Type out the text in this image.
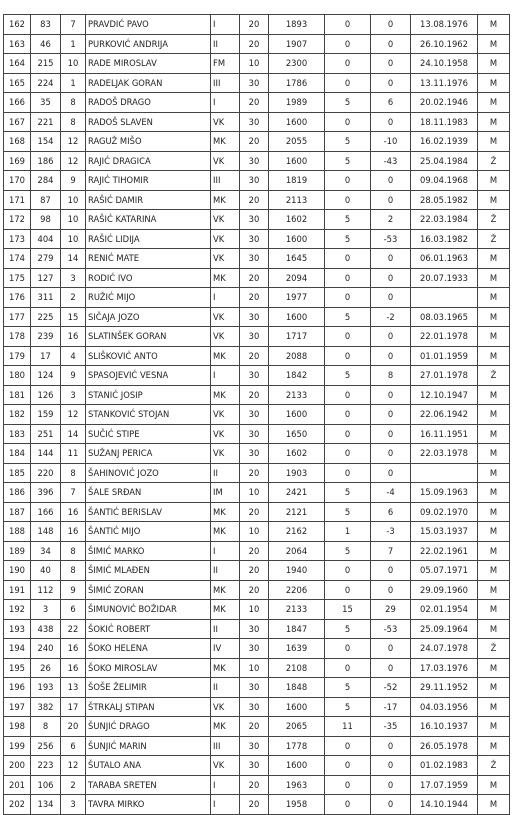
162	83	7	PRAVDIĆ PAVO	I	20	1893	0	0	13.08.1976	M
163	46	1	PURKOVIĆ ANDRIJA	II	20	1907	0	0	26.10.1962	M
164	215	10	RADE MIROSLAV	FM	10	2300	0	0	24.10.1958	M
165	224	1	RADELJAK GORAN	III	30	1786	0	0	13.11.1976	M
166	35	8	RADOŠ DRAGO	I	20	1989	5	6	20.02.1946	M
167	221	8	RADOŠ SLAVEN	VK	30	1600	0	0	18.11.1983	M
168	154	12	RAGUŽ MIŠO	MK	20	2055	5	-10	16.02.1939	M
169	186	12	RAJIĆ DRAGICA	VK	30	1600	5	-43	25.04.1984	Ž
170	284	9	RAJIĆ TIHOMIR	III	30	1819	0	0	09.04.1968	M
171	87	10	RAŠIĆ DAMIR	MK	20	2113	0	0	28.05.1982	M
172	98	10	RAŠIĆ KATARINA	VK	30	1602	5	2	22.03.1984	Ž
173	404	10	RAŠIĆ LIDIJA	VK	30	1600	5	-53	16.03.1982	Ž
174	279	14	RENIĆ MATE	VK	30	1645	0	0	06.01.1963	M
175	127	3	RODIĆ IVO	MK	20	2094	0	0	20.07.1933	M
176	311	2	RUŽIĆ MIJO	I	20	1977	0	0		M
177	225	15	SIČAJA JOZO	VK	30	1600	5	-2	08.03.1965	M
178	239	16	SLATINŠEK GORAN	VK	30	1717	0	0	22.01.1978	M
179	17	4	SLIŠKOVIĆ ANTO	MK	20	2088	0	0	01.01.1959	M
180	124	9	SPASOJEVIĆ VESNA	I	30	1842	5	8	27.01.1978	Ž
181	126	3	STANIĆ JOSIP	MK	20	2133	0	0	12.10.1947	M
182	159	12	STANKOVIĆ STOJAN	VK	30	1600	0	0	22.06.1942	M
183	251	14	SUČIĆ STIPE	VK	30	1650	0	0	16.11.1951	M
184	144	11	SUŽANJ PERICA	VK	30	1602	0	0	22.03.1978	M
185	220	8	ŠAHINOVIĆ JOZO	II	20	1903	0	0		M
186	396	7	ŠALE SRĐAN	IM	10	2421	5	-4	15.09.1963	M
187	166	16	ŠANTIĆ BERISLAV	MK	20	2121	5	6	09.02.1970	M
188	148	16	ŠANTIĆ MIJO	MK	10	2162	1	-3	15.03.1937	M
189	34	8	ŠIMIĆ MARKO	I	20	2064	5	7	22.02.1961	M
190	40	8	ŠIMIĆ MLAĐEN	II	20	1940	0	0	05.07.1971	M
191	112	9	ŠIMIĆ ZORAN	MK	20	2206	0	0	29.09.1960	M
192	3	6	ŠIMUNOVIĆ BOŽIDAR	MK	10	2133	15	29	02.01.1954	M
193	438	22	ŠOKIĆ ROBERT	II	30	1847	5	-53	25.09.1964	M
194	240	16	ŠOKO HELENA	IV	30	1639	0	0	24.07.1978	Ž
195	26	16	ŠOKO MIROSLAV	MK	10	2108	0	0	17.03.1976	M
196	193	13	ŠOŠE ŽELIMIR	II	30	1848	5	-52	29.11.1952	M
197	382	17	ŠTRKALJ STIPAN	VK	30	1600	5	-17	04.03.1956	M
198	8	20	ŠUNJIĆ DRAGO	MK	20	2065	11	-35	16.10.1937	M
199	256	6	ŠUNJIĆ MARIN	III	30	1778	0	0	26.05.1978	M
200	223	12	ŠUTALO ANA	VK	30	1600	0	0	01.02.1983	Ž
201	106	2	TARABA SRETEN	I	20	1963	0	0	17.07.1959	M
202	134	3	TAVRA MIRKO	I	20	1958	0	0	14.10.1944	M
